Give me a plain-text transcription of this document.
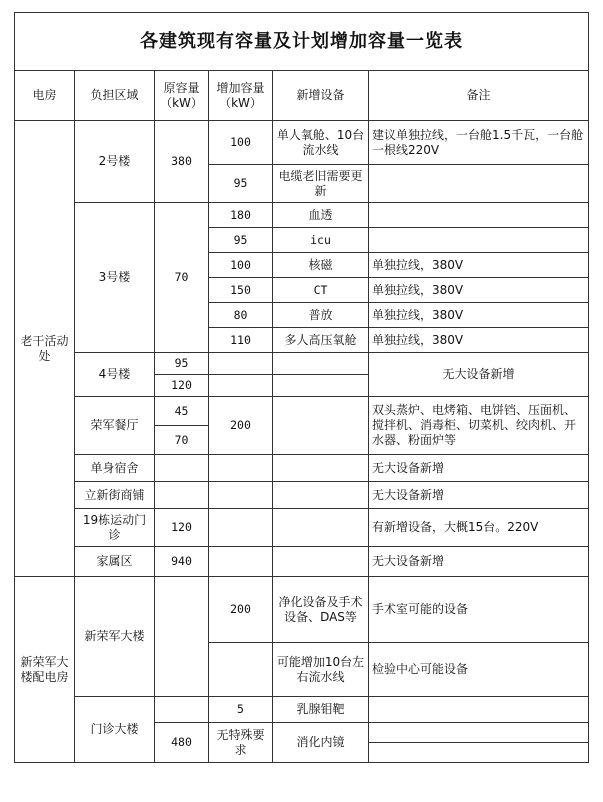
各建筑现有容量及计划增加容量一览表					
电房	负担区域	原容量（kW）	增加容量（kW）	新增设备	备注
老干活动处	2号楼	380	100	单人氧舱、10台流水线	建议单独拉线，一台舱1.5千瓦，一台舱一根线220V
			95	电缆老旧需要更新	
	3号楼	70	180	血透	
			95	icu	
			100	核磁	单独拉线，380V
			150	CT	单独拉线，380V
			80	普放	单独拉线，380V
			110	多人高压氧舱	单独拉线，380V
	4号楼	95			无大设备新增
		120			
	荣军餐厅	45	200		双头蒸炉、电烤箱、电饼铛、压面机、搅拌机、消毒柜、切菜机、绞肉机、开水器、粉面炉等
		70			
	单身宿舍				无大设备新增
	立新街商铺				无大设备新增
	19栋运动门诊	120			有新增设备，大概15台。220V
	家属区	940			无大设备新增
新荣军大楼配电房	新荣军大楼		200	净化设备及手术设备、DAS等	手术室可能的设备
				可能增加10台左右流水线	检验中心可能设备
	门诊大楼		5	乳腺钼靶	
		480	无特殊要求	消化内镜	
